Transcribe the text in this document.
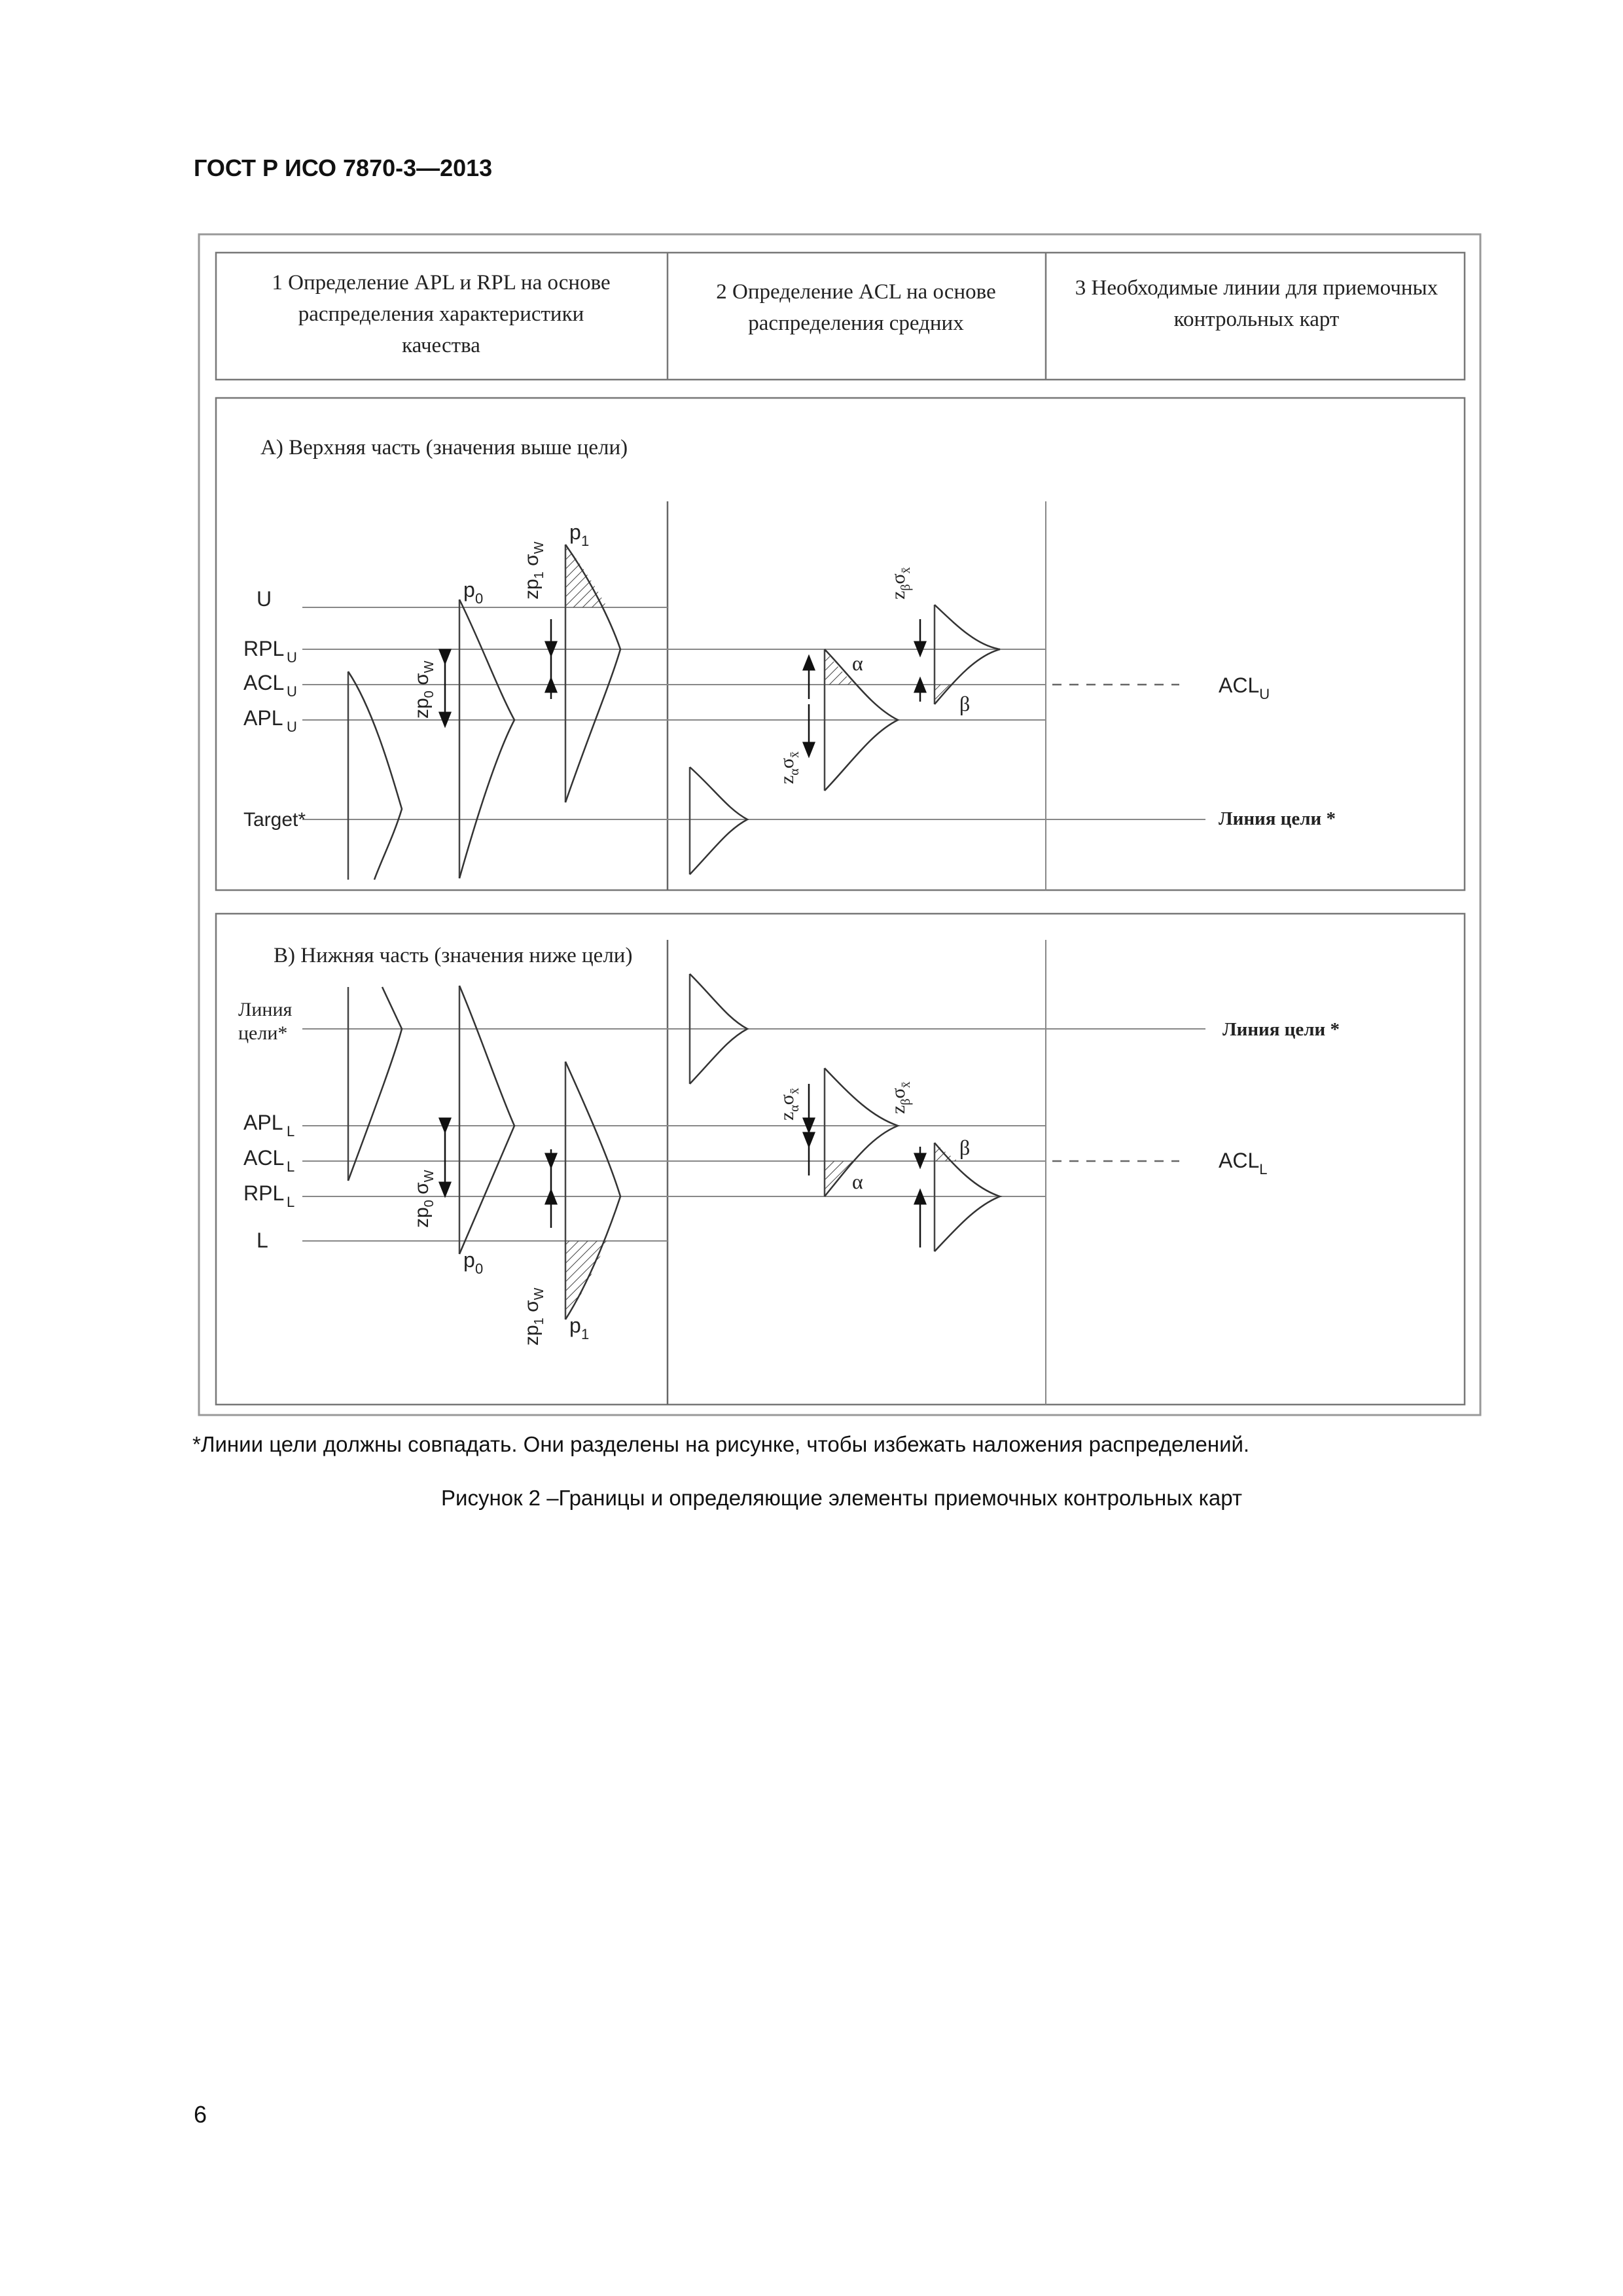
ГОСТ Р ИСО 7870-3—2013
1 Определение APL и RPL на основе
распределения характеристики
качества
2 Определение ACL на основе
распределения средних
3 Необходимые линии для приемочных
контрольных карт
А) Верхняя часть (значения выше цели)
U
RPL U
ACL U
APL U
Target*
p 0
p 1
$zp_0$ $\sigma_W$
$zp_1$ $\sigma_W$
α
β
$z_\alpha\sigma_{x̄}$
$z_\beta\sigma_{x̄}$
$ACL_U$
Линия цели *
В) Нижняя часть (значения ниже цели)
Линия
цели*
APL L
ACL L
RPL L
L
p 0
p 1
$zp_0$ $\sigma_W$
$zp_1$ $\sigma_W$
α
β
$z_\alpha\sigma_{x̄}$
$z_\beta\sigma_{x̄}$
$ACL_L$
Линия цели *
*Линии цели должны совпадать. Они разделены на рисунке, чтобы избежать наложения распределений.
Рисунок 2 –Границы и определяющие элементы приемочных контрольных карт
6
